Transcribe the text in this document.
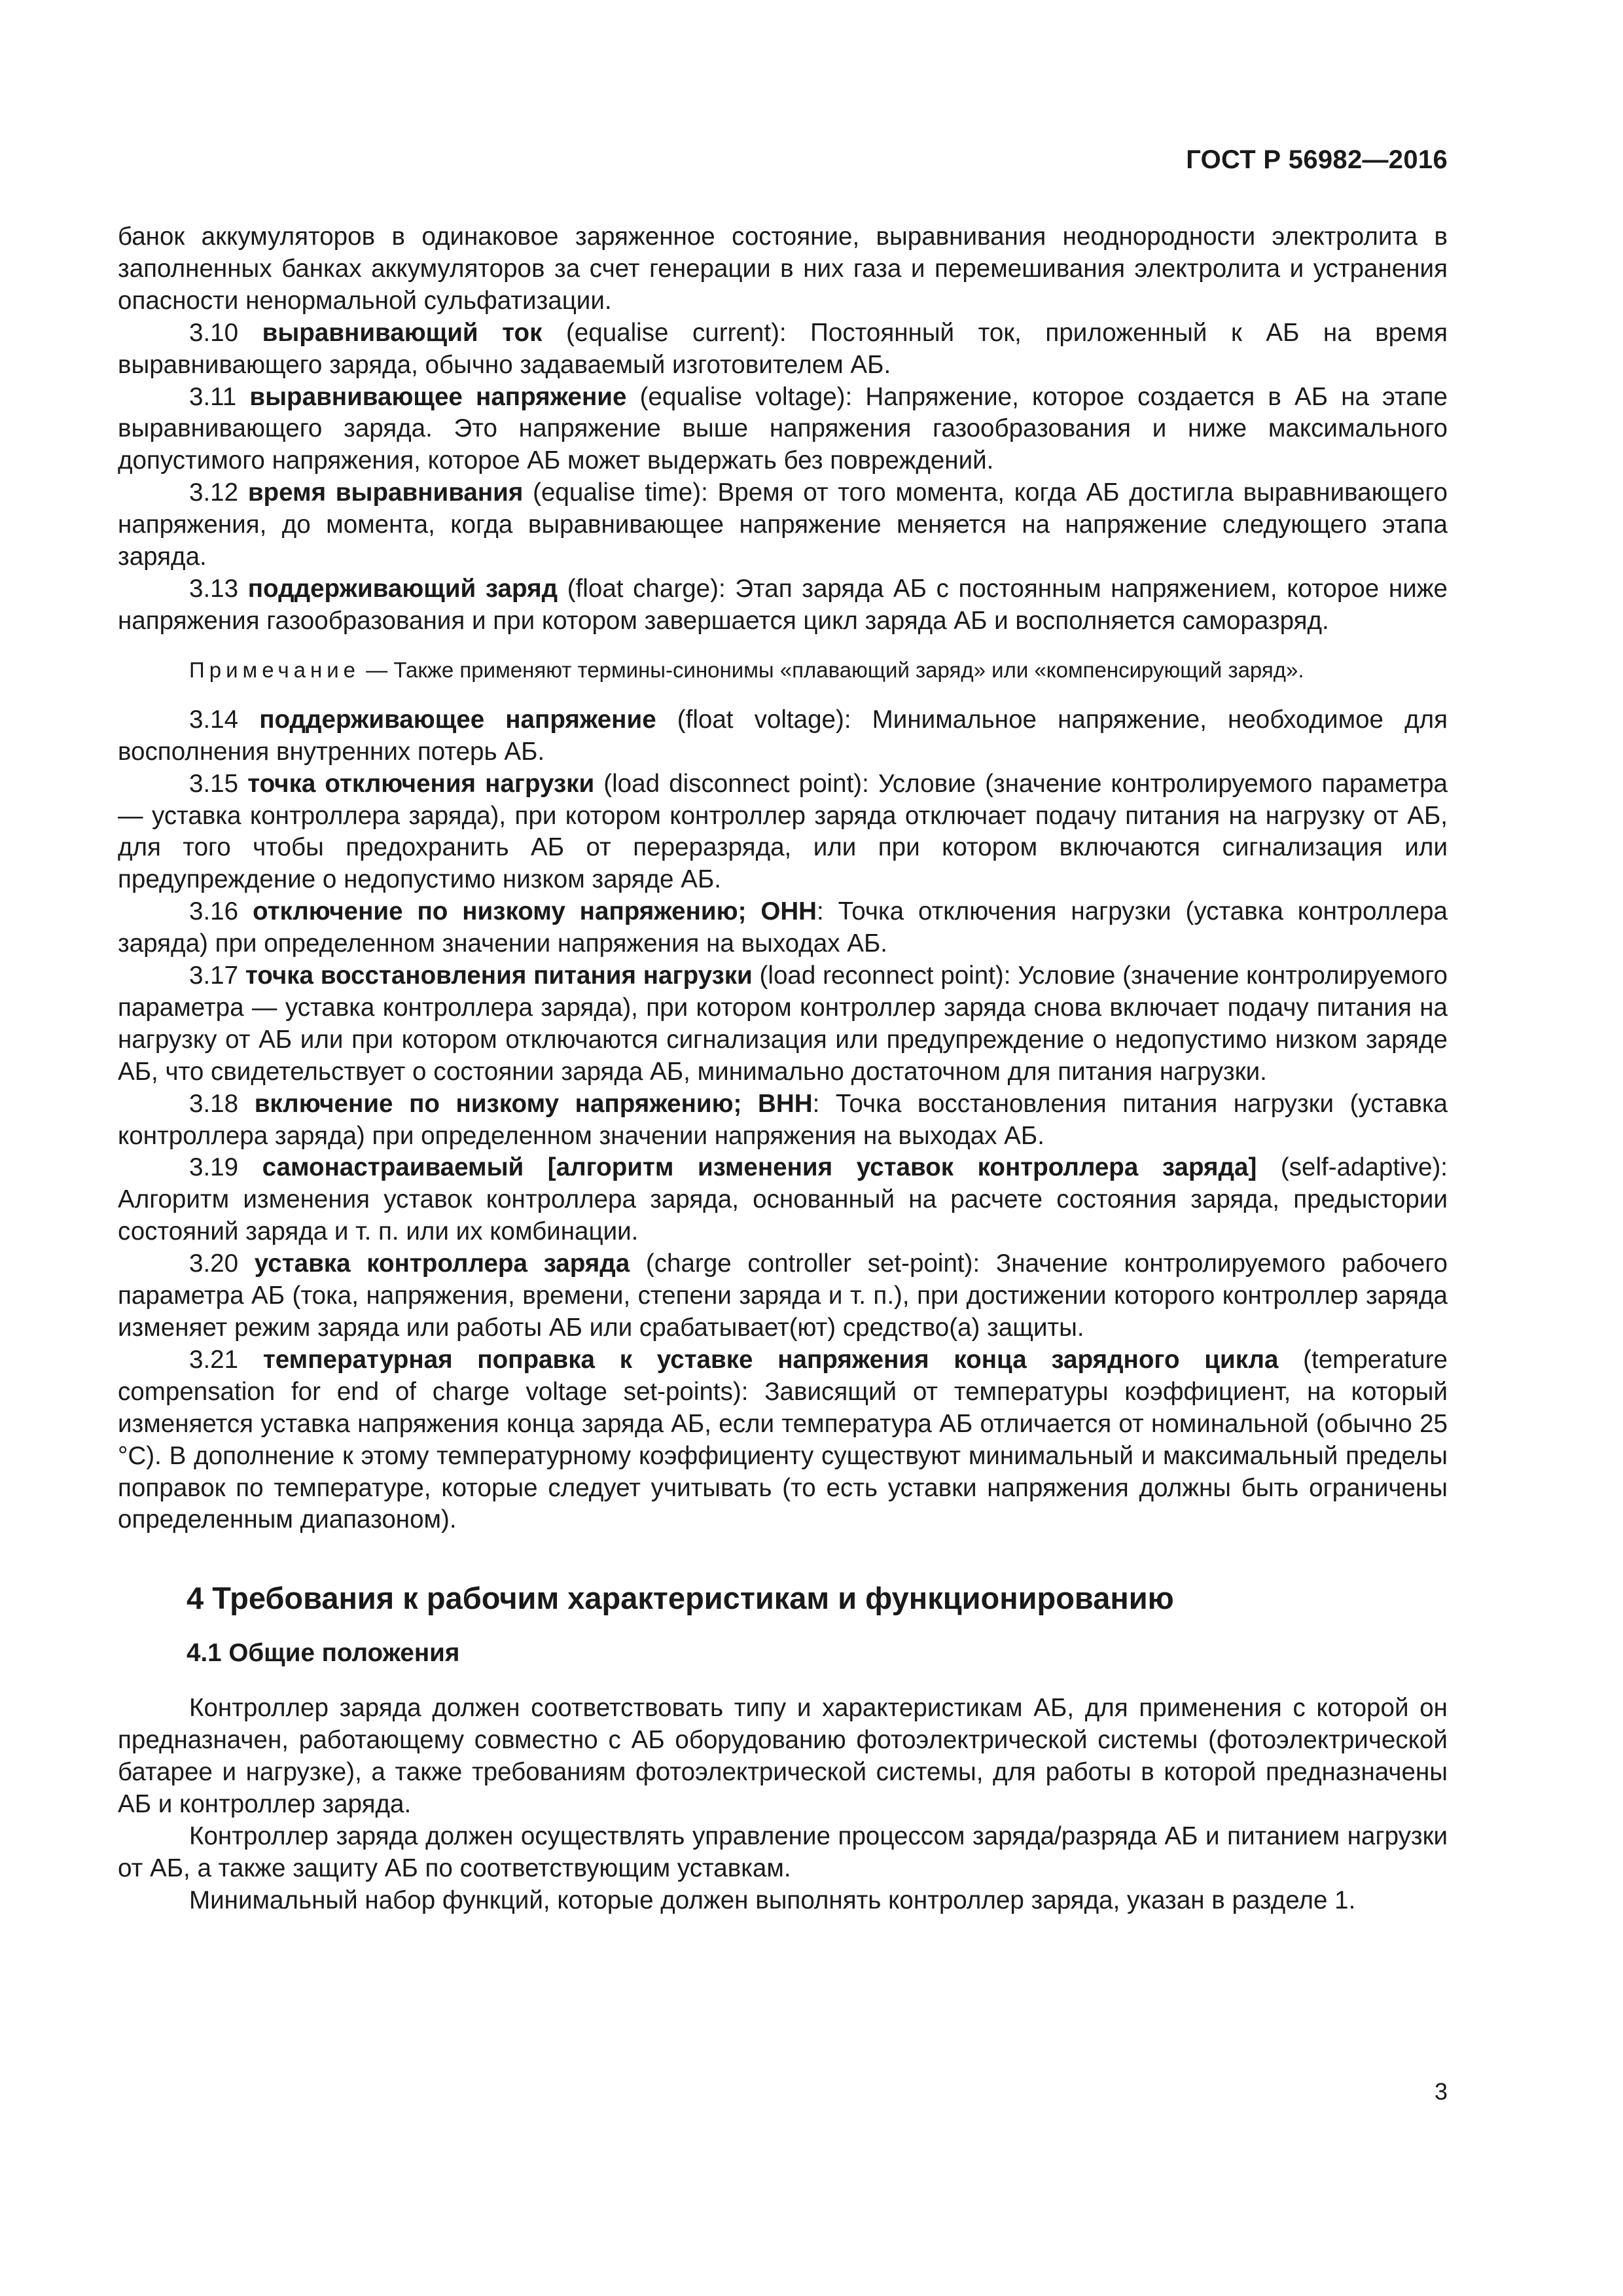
ГОСТ Р 56982—2016

банок аккумуляторов в одинаковое заряженное состояние, выравнивания неоднородности электролита в заполненных банках аккумуляторов за счет генерации в них газа и перемешивания электролита и устранения опасности ненормальной сульфатизации.

3.10 выравнивающий ток (equalise current): Постоянный ток, приложенный к АБ на время выравнивающего заряда, обычно задаваемый изготовителем АБ.

3.11 выравнивающее напряжение (equalise voltage): Напряжение, которое создается в АБ на этапе выравнивающего заряда. Это напряжение выше напряжения газообразования и ниже максимального допустимого напряжения, которое АБ может выдержать без повреждений.

3.12 время выравнивания (equalise time): Время от того момента, когда АБ достигла выравнивающего напряжения, до момента, когда выравнивающее напряжение меняется на напряжение следующего этапа заряда.

3.13 поддерживающий заряд (float charge): Этап заряда АБ с постоянным напряжением, которое ниже напряжения газообразования и при котором завершается цикл заряда АБ и восполняется саморазряд.

Примечание — Также применяют термины-синонимы «плавающий заряд» или «компенсирующий заряд».

3.14 поддерживающее напряжение (float voltage): Минимальное напряжение, необходимое для восполнения внутренних потерь АБ.

3.15 точка отключения нагрузки (load disconnect point): Условие (значение контролируемого параметра — уставка контроллера заряда), при котором контроллер заряда отключает подачу питания на нагрузку от АБ, для того чтобы предохранить АБ от переразряда, или при котором включаются сигнализация или предупреждение о недопустимо низком заряде АБ.

3.16 отключение по низкому напряжению; ОНН: Точка отключения нагрузки (уставка контроллера заряда) при определенном значении напряжения на выходах АБ.

3.17 точка восстановления питания нагрузки (load reconnect point): Условие (значение контролируемого параметра — уставка контроллера заряда), при котором контроллер заряда снова включает подачу питания на нагрузку от АБ или при котором отключаются сигнализация или предупреждение о недопустимо низком заряде АБ, что свидетельствует о состоянии заряда АБ, минимально достаточном для питания нагрузки.

3.18 включение по низкому напряжению; ВНН: Точка восстановления питания нагрузки (уставка контроллера заряда) при определенном значении напряжения на выходах АБ.

3.19 самонастраиваемый [алгоритм изменения уставок контроллера заряда] (self-adaptive): Алгоритм изменения уставок контроллера заряда, основанный на расчете состояния заряда, предыстории состояний заряда и т. п. или их комбинации.

3.20 уставка контроллера заряда (charge controller set-point): Значение контролируемого рабочего параметра АБ (тока, напряжения, времени, степени заряда и т. п.), при достижении которого контроллер заряда изменяет режим заряда или работы АБ или срабатывает(ют) средство(а) защиты.

3.21 температурная поправка к уставке напряжения конца зарядного цикла (temperature compensation for end of charge voltage set-points): Зависящий от температуры коэффициент, на который изменяется уставка напряжения конца заряда АБ, если температура АБ отличается от номинальной (обычно 25 °С). В дополнение к этому температурному коэффициенту существуют минимальный и максимальный пределы поправок по температуре, которые следует учитывать (то есть уставки напряжения должны быть ограничены определенным диапазоном).

4 Требования к рабочим характеристикам и функционированию
4.1 Общие положения

Контроллер заряда должен соответствовать типу и характеристикам АБ, для применения с которой он предназначен, работающему совместно с АБ оборудованию фотоэлектрической системы (фотоэлектрической батарее и нагрузке), а также требованиям фотоэлектрической системы, для работы в которой предназначены АБ и контроллер заряда.

Контроллер заряда должен осуществлять управление процессом заряда/разряда АБ и питанием нагрузки от АБ, а также защиту АБ по соответствующим уставкам.

Минимальный набор функций, которые должен выполнять контроллер заряда, указан в разделе 1.

3
